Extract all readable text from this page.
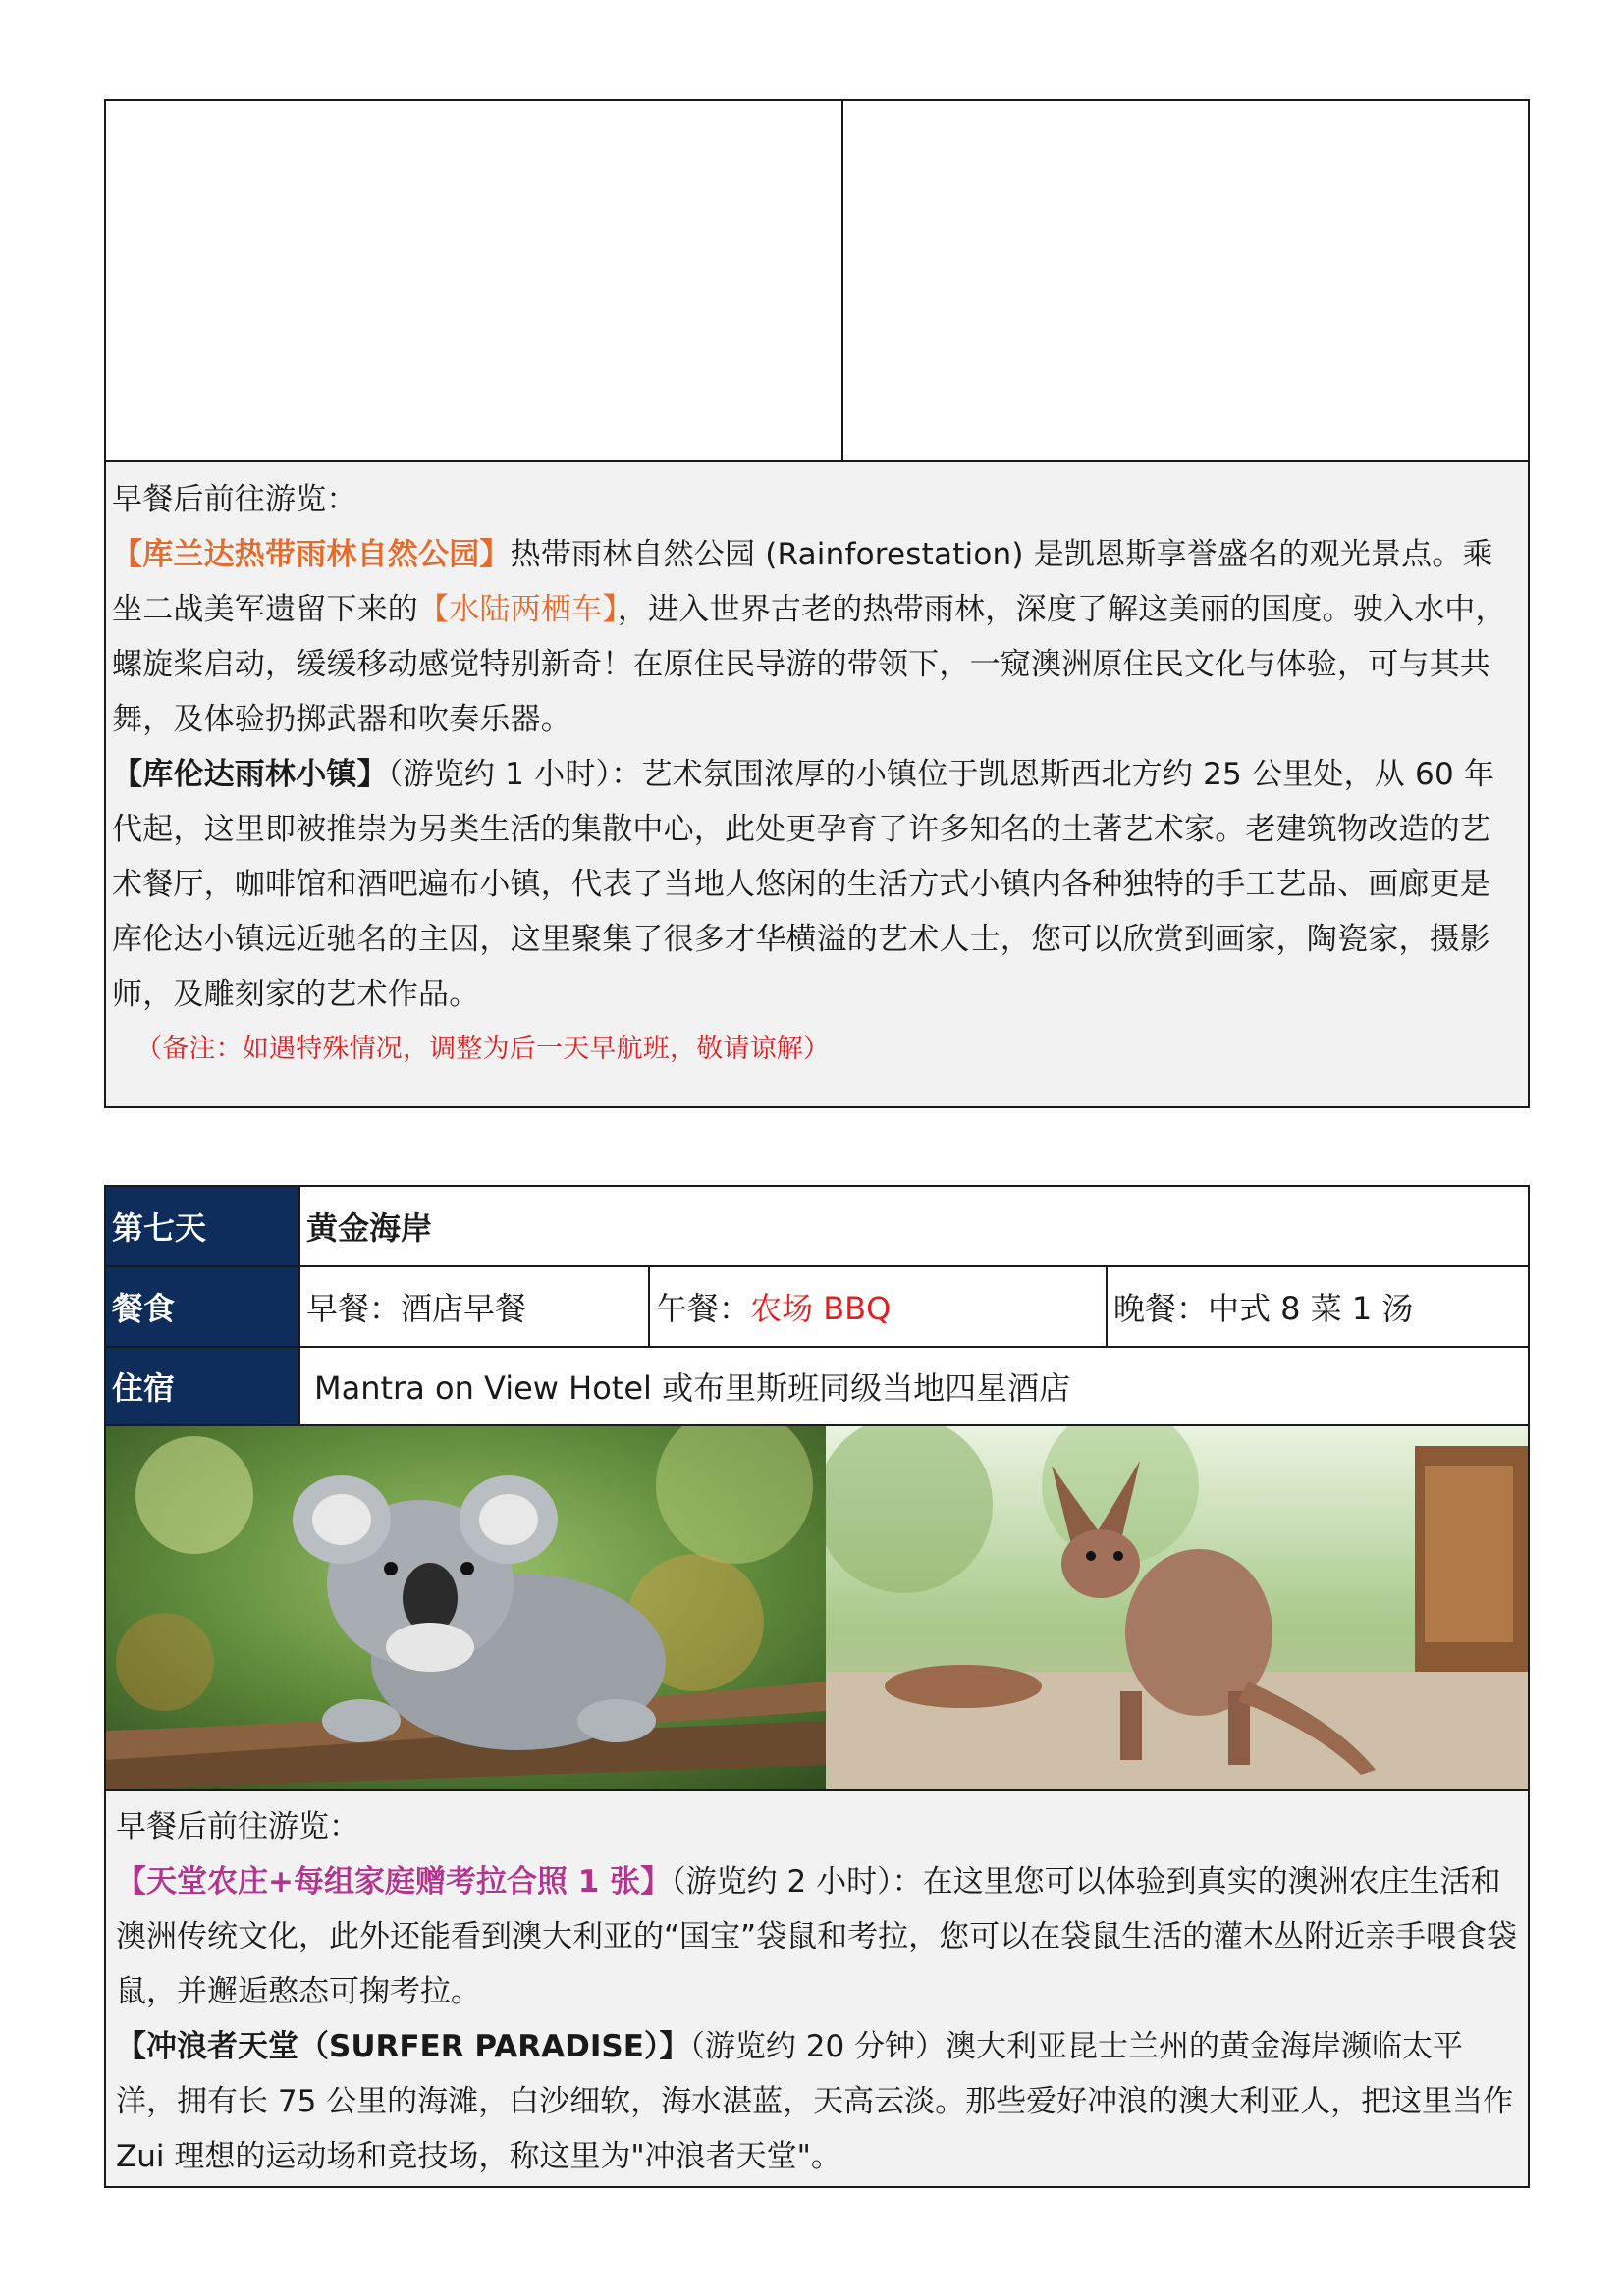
早餐后前往游览：

【库兰达热带雨林自然公园】热带雨林自然公园 (Rainforestation) 是凯恩斯享誉盛名的观光景点。乘坐二战美军遗留下来的【水陆两栖车】，进入世界古老的热带雨林，深度了解这美丽的国度。驶入水中，螺旋桨启动，缓缓移动感觉特别新奇！在原住民导游的带领下，一窥澳洲原住民文化与体验，可与其共舞，及体验扔掷武器和吹奏乐器。

【库伦达雨林小镇】（游览约 1 小时）：艺术氛围浓厚的小镇位于凯恩斯西北方约 25 公里处，从 60 年代起，这里即被推崇为另类生活的集散中心，此处更孕育了许多知名的土著艺术家。老建筑物改造的艺术餐厅，咖啡馆和酒吧遍布小镇，代表了当地人悠闲的生活方式小镇内各种独特的手工艺品、画廊更是库伦达小镇远近驰名的主因，这里聚集了很多才华横溢的艺术人士，您可以欣赏到画家，陶瓷家，摄影师，及雕刻家的艺术作品。

（备注：如遇特殊情况，调整为后一天早航班，敬请谅解）

第七天	黄金海岸
餐食	早餐：酒店早餐	午餐： 农场 BBQ	晚餐：中式 8 菜 1 汤
住宿	Mantra on View Hotel 或布里斯班同级当地四星酒店

早餐后前往游览：

【天堂农庄+每组家庭赠考拉合照 1 张】（游览约 2 小时）：在这里您可以体验到真实的澳洲农庄生活和澳洲传统文化，此外还能看到澳大利亚的“国宝”袋鼠和考拉，您可以在袋鼠生活的灌木丛附近亲手喂食袋鼠，并邂逅憨态可掬考拉。

【冲浪者天堂（SURFER PARADISE）】（游览约 20 分钟）澳大利亚昆士兰州的黄金海岸濒临太平洋，拥有长 75 公里的海滩，白沙细软，海水湛蓝，天高云淡。那些爱好冲浪的澳大利亚人，把这里当作 Zui 理想的运动场和竞技场，称这里为"冲浪者天堂"。
